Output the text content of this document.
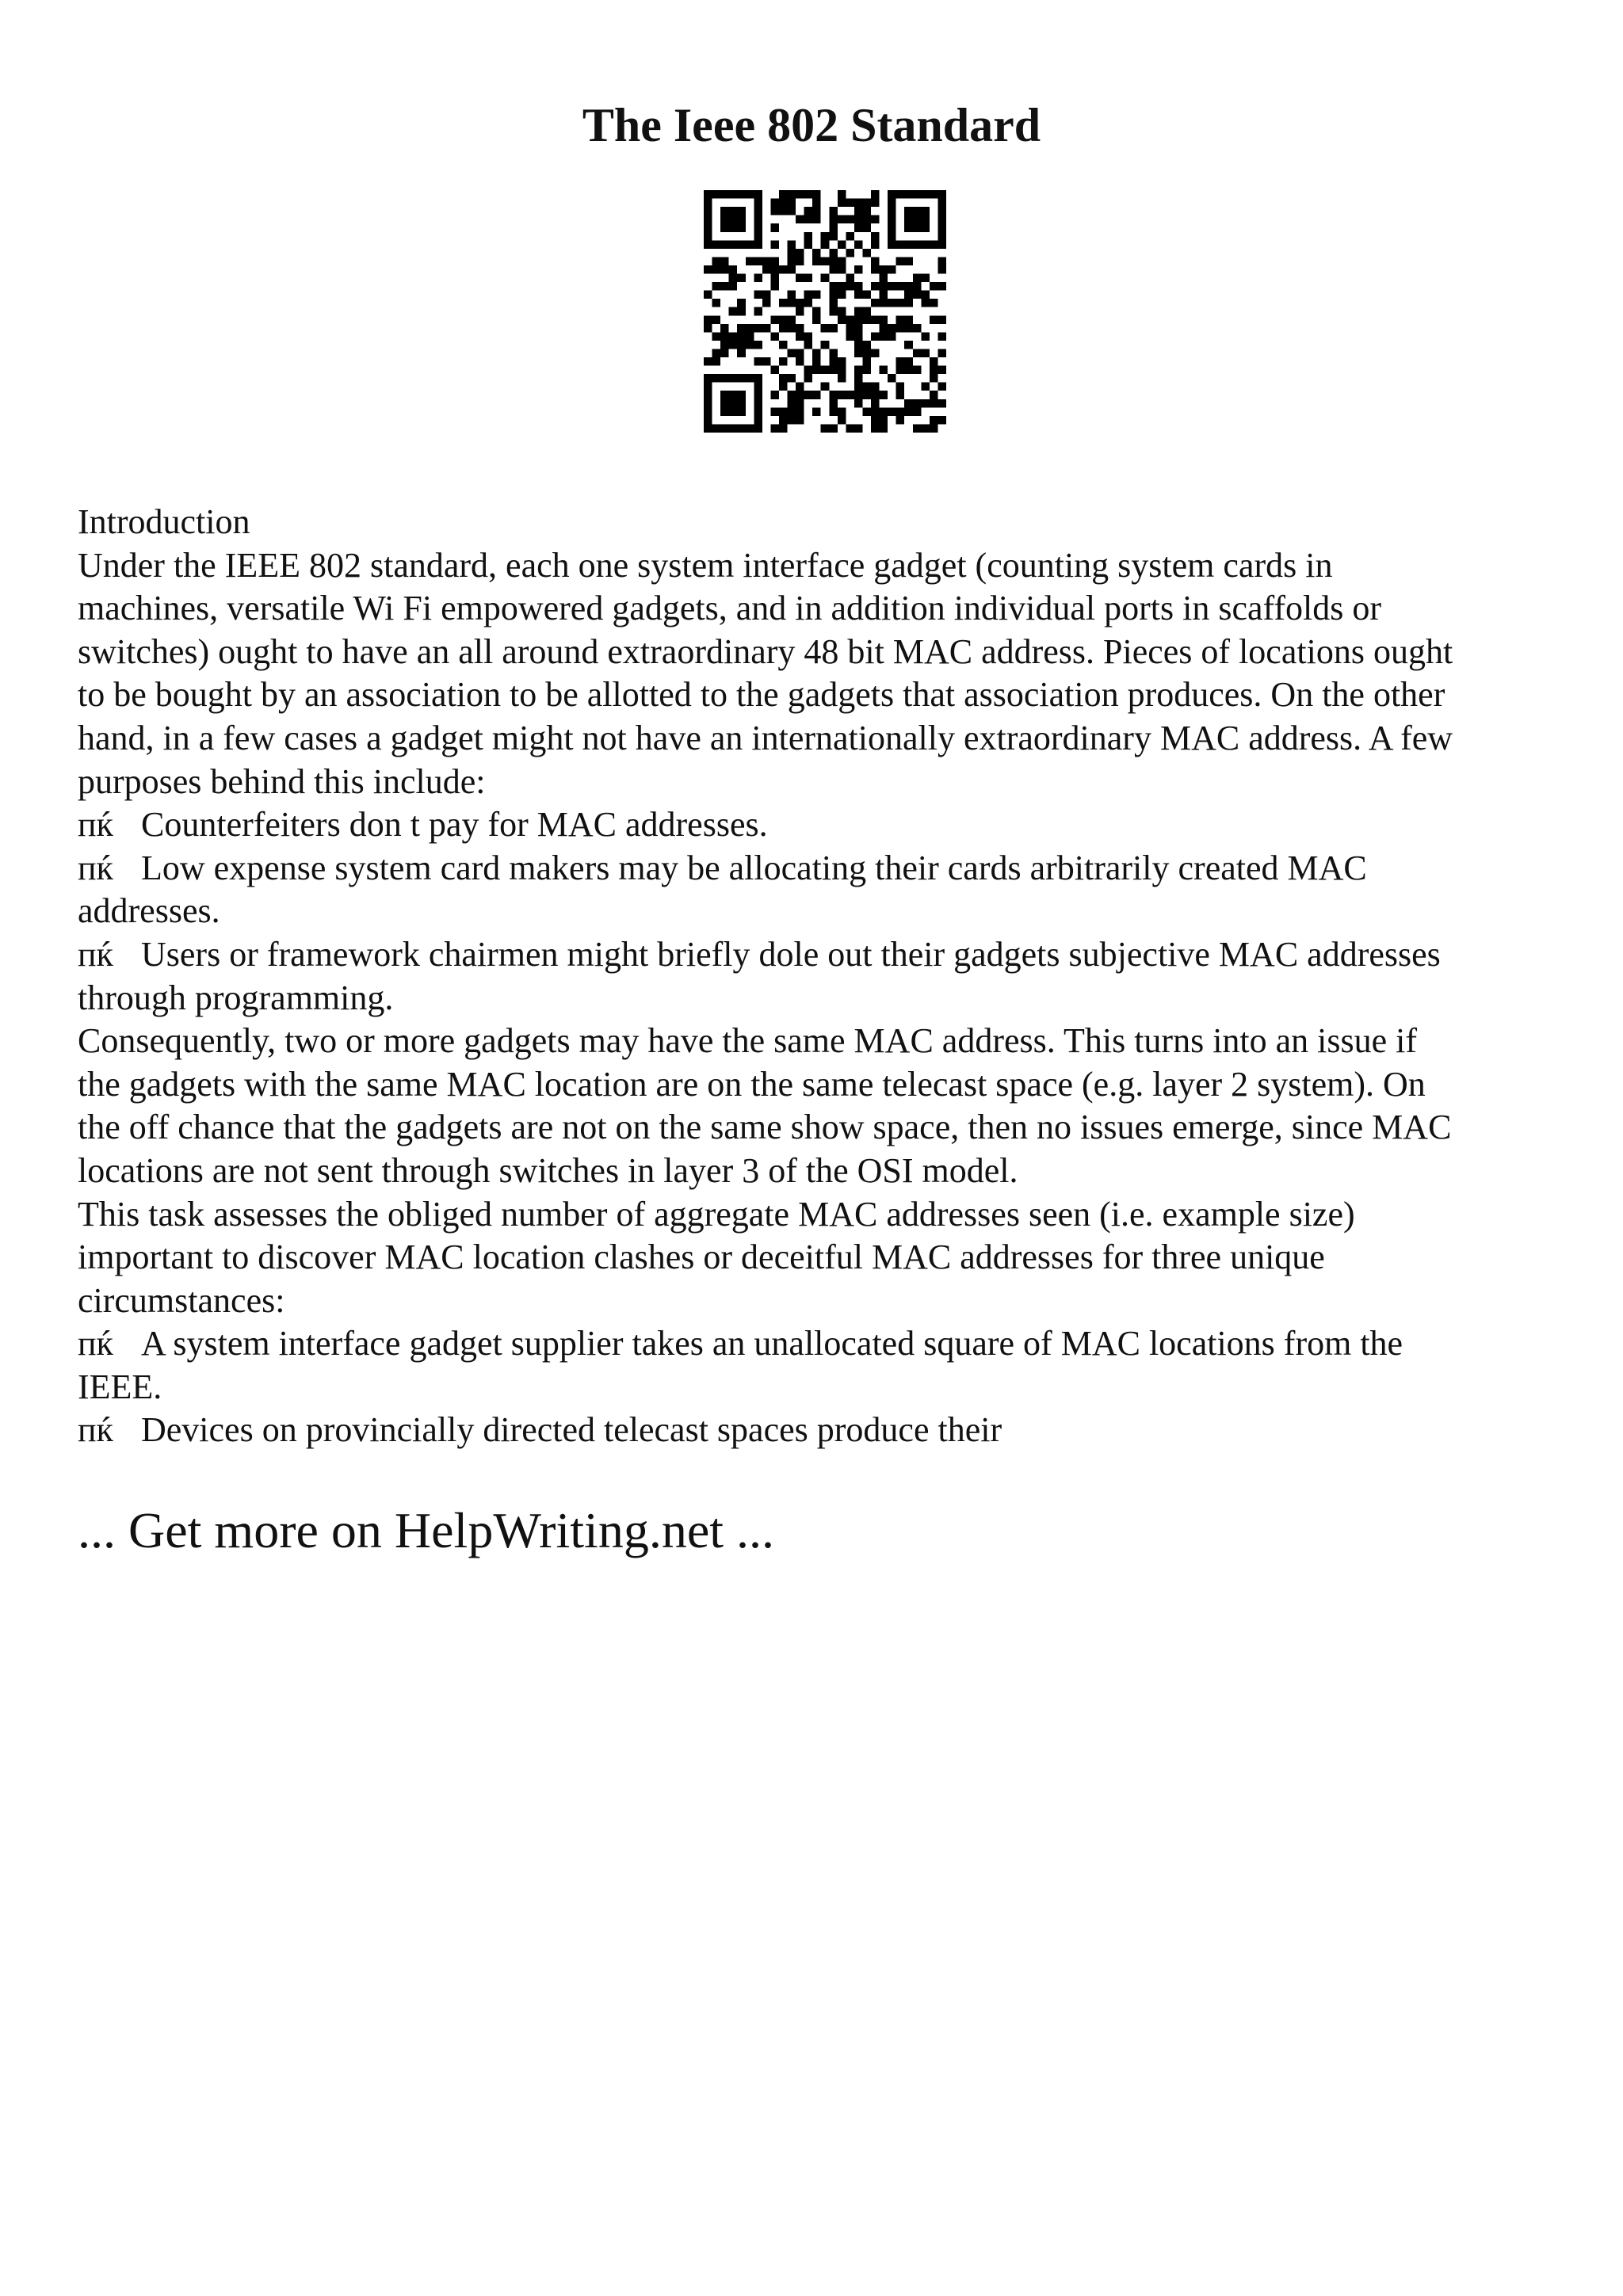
The Ieee 802 Standard
Introduction
Under the IEEE 802 standard, each one system interface gadget (counting system cards in
machines, versatile Wi Fi empowered gadgets, and in addition individual ports in scaffolds or
switches) ought to have an all around extraordinary 48 bit MAC address. Pieces of locations ought
to be bought by an association to be allotted to the gadgets that association produces. On the other
hand, in a few cases a gadget might not have an internationally extraordinary MAC address. A few
purposes behind this include:
пќ Counterfeiters don t pay for MAC addresses.
пќ Low expense system card makers may be allocating their cards arbitrarily created MAC
addresses.
пќ Users or framework chairmen might briefly dole out their gadgets subjective MAC addresses
through programming.
Consequently, two or more gadgets may have the same MAC address. This turns into an issue if
the gadgets with the same MAC location are on the same telecast space (e.g. layer 2 system). On
the off chance that the gadgets are not on the same show space, then no issues emerge, since MAC
locations are not sent through switches in layer 3 of the OSI model.
This task assesses the obliged number of aggregate MAC addresses seen (i.e. example size)
important to discover MAC location clashes or deceitful MAC addresses for three unique
circumstances:
пќ A system interface gadget supplier takes an unallocated square of MAC locations from the
IEEE.
пќ Devices on provincially directed telecast spaces produce their
... Get more on HelpWriting.net ...
